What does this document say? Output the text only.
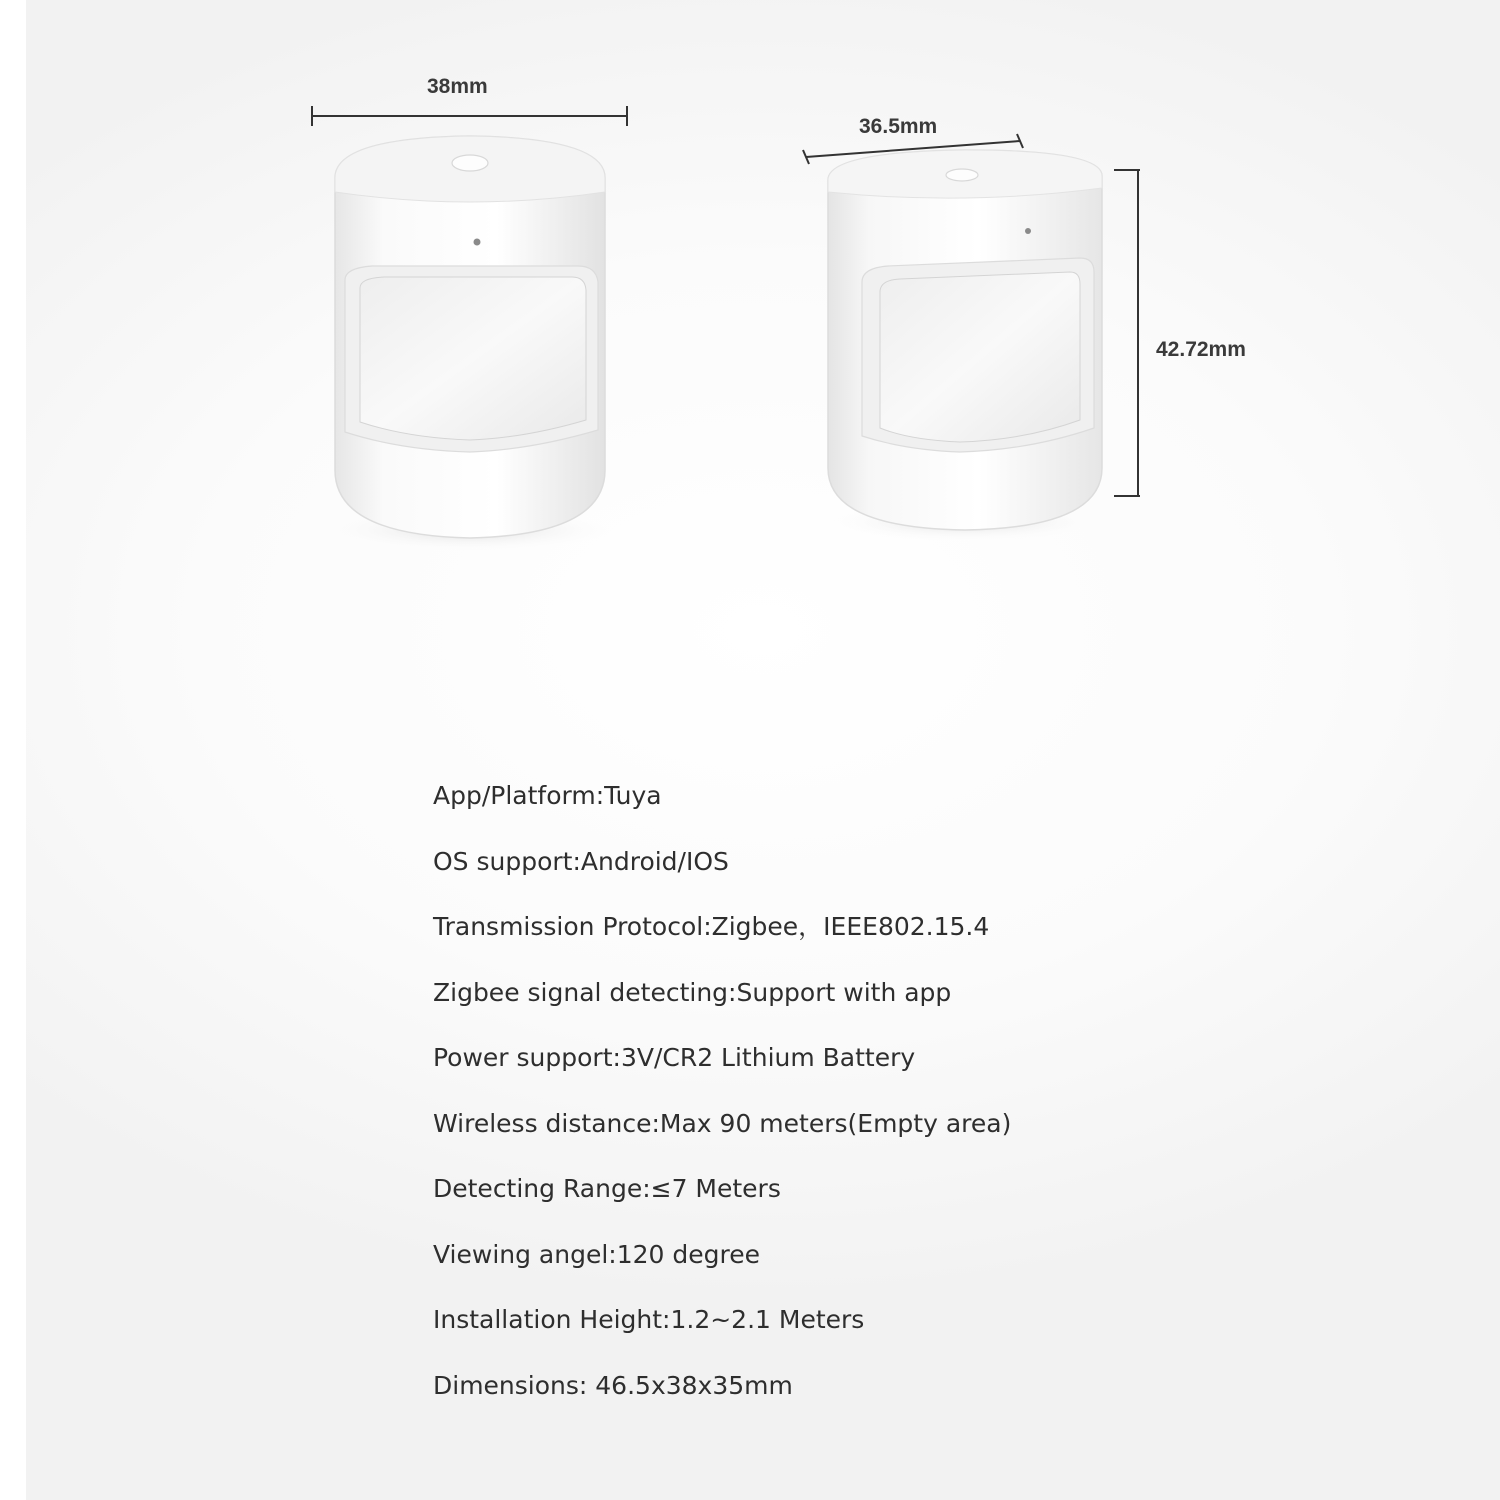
38mm
36.5mm
42.72mm
App/Platform:Tuya
OS support:Android/IOS
Transmission Protocol:Zigbee，IEEE802.15.4
Zigbee signal detecting:Support with app
Power support:3V/CR2 Lithium Battery
Wireless distance:Max 90 meters(Empty area)
Detecting Range:≤7 Meters
Viewing angel:120 degree
Installation Height:1.2~2.1 Meters
Dimensions: 46.5x38x35mm
